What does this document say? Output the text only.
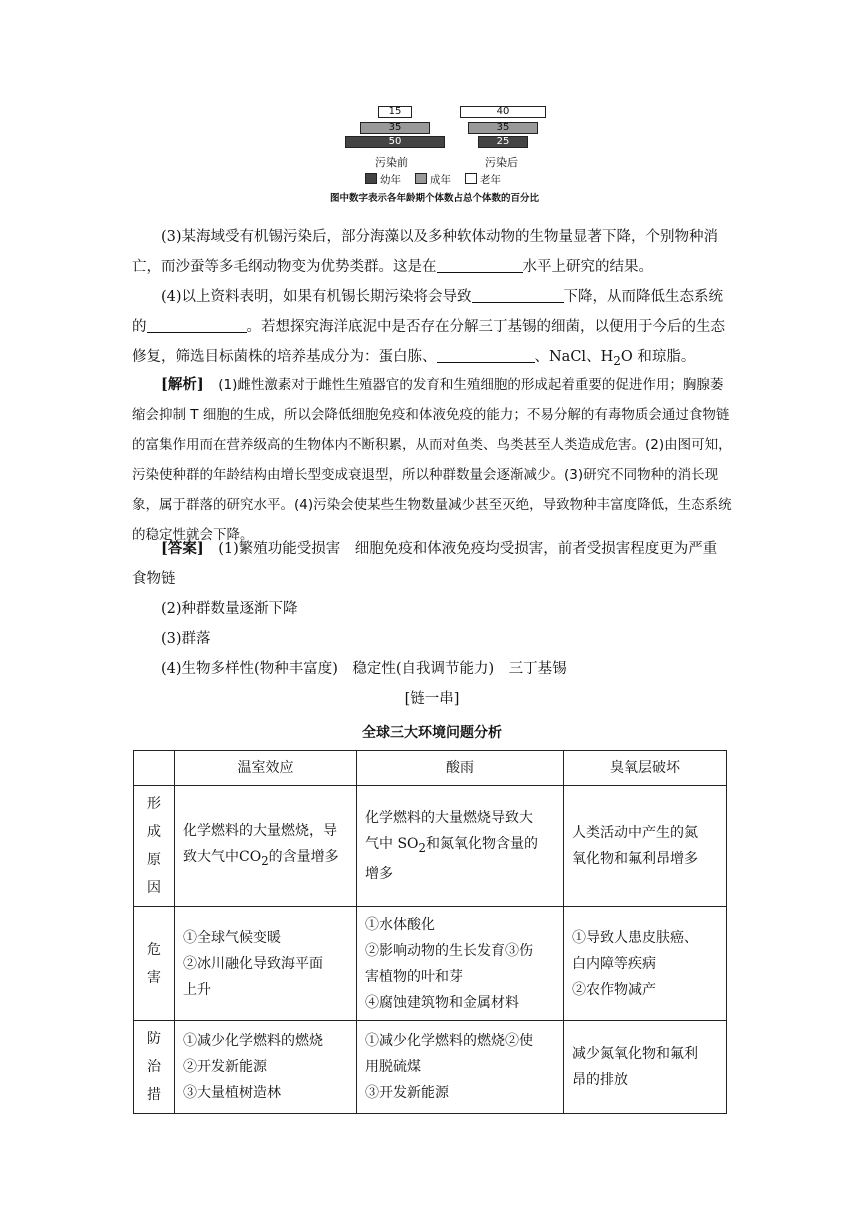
15
35
50
污染前
40
35
25
污染后
幼年	成年	老年
图中数字表示各年龄期个体数占总个体数的百分比

(3)某海域受有机锡污染后，部分海藻以及多种软体动物的生物量显著下降，个别物种消亡，而沙蚕等多毛纲动物变为优势类群。这是在	水平上研究的结果。

(4)以上资料表明，如果有机锡长期污染将会导致	下降，从而降低生态系统的	。若想探究海洋底泥中是否存在分解三丁基锡的细菌，以便用于今后的生态修复，筛选目标菌株的培养基成分为：蛋白胨、	、NaCl、$H_2O$ 和琼脂。

[解析]　 (1)雌性激素对于雌性生殖器官的发育和生殖细胞的形成起着重要的促进作用；胸腺萎缩会抑制 T 细胞的生成，所以会降低细胞免疫和体液免疫的能力；不易分解的有毒物质会通过食物链的富集作用而在营养级高的生物体内不断积累，从而对鱼类、鸟类甚至人类造成危害。(2)由图可知，污染使种群的年龄结构由增长型变成衰退型，所以种群数量会逐渐减少。(3)研究不同物种的消长现象，属于群落的研究水平。(4)污染会使某些生物数量减少甚至灭绝，导致物种丰富度降低，生态系统的稳定性就会下降。

[答案]　 (1)繁殖功能受损害　细胞免疫和体液免疫均受损害，前者受损害程度更为严重　食物链

(2)种群数量逐渐下降

(3)群落

(4)生物多样性(物种丰富度)　稳定性(自我调节能力)　三丁基锡

[链一串]
全球三大环境问题分析
	温室效应	酸雨	臭氧层破坏

形
成
原
因	化学燃料的大量燃烧，导
致大气中$CO_2$的含量增多	化学燃料的大量燃烧导致大
气中 $SO_2$和氮氧化物含量的
增多	人类活动中产生的氮
氧化物和氟利昂增多

危
害	①全球气候变暖
②冰川融化导致海平面
上升	①水体酸化
②影响动物的生长发育③伤
害植物的叶和芽
④腐蚀建筑物和金属材料	①导致人患皮肤癌、
白内障等疾病
②农作物减产

防
治
措	①减少化学燃料的燃烧
②开发新能源
③大量植树造林	①减少化学燃料的燃烧②使
用脱硫煤
③开发新能源	减少氮氧化物和氟利
昂的排放
